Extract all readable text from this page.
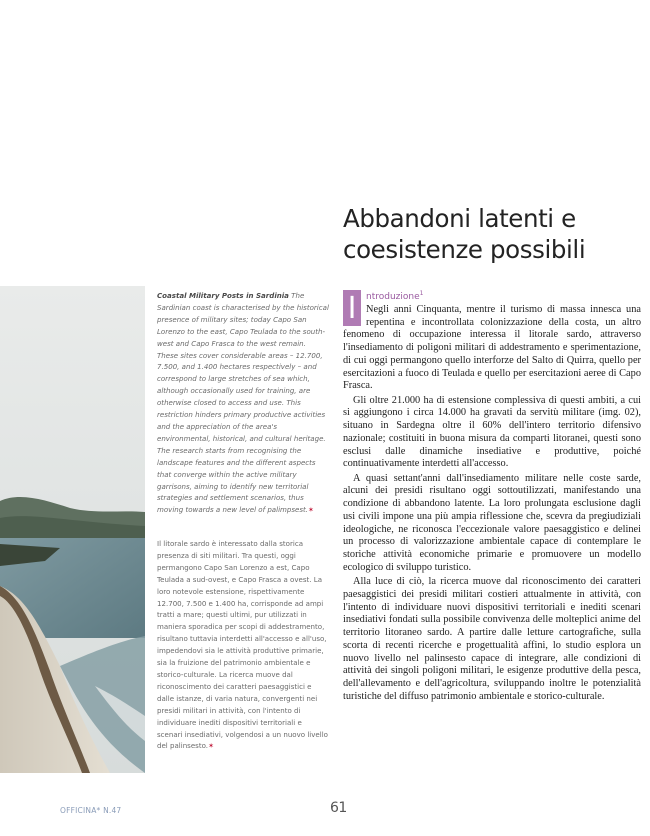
Abbandoni latenti e
coesistenze possibili

Coastal Military Posts in Sardinia The Sardinian coast is characterised by the historical presence of military sites; today Capo San Lorenzo to the east, Capo Teulada to the south-west and Capo Frasca to the west remain. These sites cover considerable areas – 12.700, 7.500, and 1.400 hectares respectively – and correspond to large stretches of sea which, although occasionally used for training, are otherwise closed to access and use. This restriction hinders primary productive activities and the appreciation of the area's environmental, historical, and cultural heritage. The research starts from recognising the landscape features and the different aspects that converge within the active military garrisons, aiming to identify new territorial strategies and settlement scenarios, thus moving towards a new level of palimpsest.✶

Il litorale sardo è interessato dalla storica presenza di siti militari. Tra questi, oggi permangono Capo San Lorenzo a est, Capo Teulada a sud-ovest, e Capo Frasca a ovest. La loro notevole estensione, rispettivamente 12.700, 7.500 e 1.400 ha, corrisponde ad ampi tratti a mare; questi ultimi, pur utilizzati in maniera sporadica per scopi di addestramento, risultano tuttavia interdetti all'accesso e all'uso, impedendovi sia le attività produttive primarie, sia la fruizione del patrimonio ambientale e storico-culturale. La ricerca muove dal riconoscimento dei caratteri paesaggistici e dalle istanze, di varia natura, convergenti nei presidi militari in attività, con l'intento di individuare inediti dispositivi territoriali e scenari insediativi, volgendosi a un nuovo livello del palinsesto.✶

I	ntroduzione$^1$
Negli anni Cinquanta, mentre il turismo di massa innesca una repentina e incontrollata colonizzazione della costa, un altro fenomeno di occupazione interessa il litorale sardo, attraverso l'insediamento di poligoni militari di addestramento e sperimentazione, di cui oggi permangono quello interforze del Salto di Quirra, quello per esercitazioni a fuoco di Teulada e quello per esercitazioni aeree di Capo Frasca.

Gli oltre 21.000 ha di estensione complessiva di questi ambiti, a cui si aggiungono i circa 14.000 ha gravati da servitù militare (img. 02), situano in Sardegna oltre il 60% dell'intero territorio difensivo nazionale; costituiti in buona misura da comparti litoranei, questi sono esclusi dalle dinamiche insediative e produttive, poiché continuativamente interdetti all'accesso.

A quasi settant'anni dall'insediamento militare nelle coste sarde, alcuni dei presidi risultano oggi sottoutilizzati, manifestando una condizione di abbandono latente. La loro prolungata esclusione dagli usi civili impone una più ampia riflessione che, scevra da pregiudiziali ideologiche, ne riconosca l'eccezionale valore paesaggistico e delinei un processo di valorizzazione ambientale capace di contemplare le storiche attività economiche primarie e promuovere un modello ecologico di sviluppo turistico.

Alla luce di ciò, la ricerca muove dal riconoscimento dei caratteri paesaggistici dei presidi militari costieri attualmente in attività, con l'intento di individuare nuovi dispositivi territoriali e inediti scenari insediativi fondati sulla possibile convivenza delle molteplici anime del territorio litoraneo sardo. A partire dalle letture cartografiche, sulla scorta di recenti ricerche e progettualità affini, lo studio esplora un nuovo livello nel palinsesto capace di integrare, alle condizioni di attività dei singoli poligoni militari, le esigenze produttive della pesca, dell'allevamento e dell'agricoltura, sviluppando inoltre le potenzialità turistiche del diffuso patrimonio ambientale e storico-culturale.

OFFICINA* N.47	61
